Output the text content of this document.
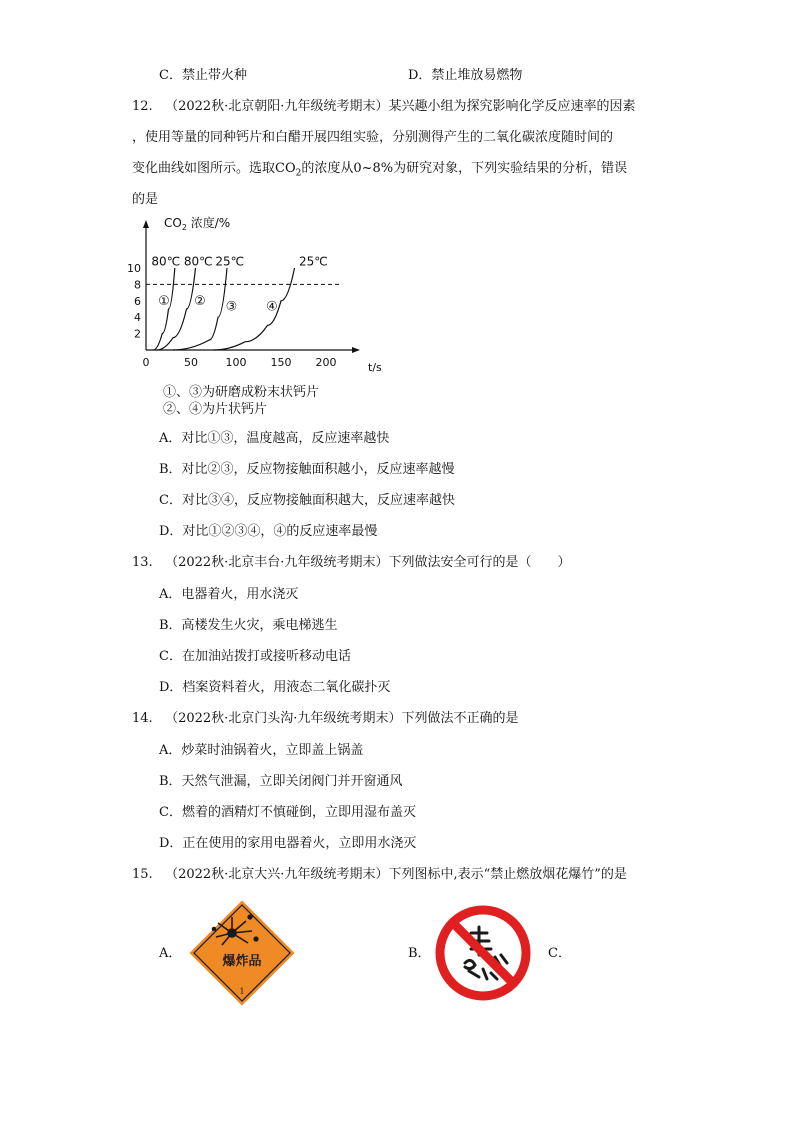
C．禁止带火种	D．禁止堆放易燃物
12. （2022秋·北京朝阳·九年级统考期末）某兴趣小组为探究影响化学反应速率的因素
，使用等量的同种钙片和白醋开展四组实验，分别测得产生的二氧化碳浓度随时间的
变化曲线如图所示。选取$CO_2$的浓度从0~8%为研究对象，下列实验结果的分析，错误
的是
$CO_2$ 浓度/%
t/s
0	50	100 150 200
2
4
6
8
10
①
80℃
②
80℃
③
25℃
④
25℃
①、③为研磨成粉末状钙片
②、④为片状钙片
A．对比①③，温度越高，反应速率越快
B．对比②③，反应物接触面积越小，反应速率越慢
C．对比③④，反应物接触面积越大，反应速率越快
D．对比①②③④，④的反应速率最慢
13. （2022秋·北京丰台·九年级统考期末）下列做法安全可行的是（　　）
A．电器着火，用水浇灭
B．高楼发生火灾，乘电梯逃生
C．在加油站拨打或接听移动电话
D．档案资料着火，用液态二氧化碳扑灭
14. （2022秋·北京门头沟·九年级统考期末）下列做法不正确的是
A．炒菜时油锅着火，立即盖上锅盖
B．天然气泄漏，立即关闭阀门并开窗通风
C．燃着的酒精灯不慎碰倒，立即用湿布盖灭
D．正在使用的家用电器着火，立即用水浇灭
15. （2022秋·北京大兴·九年级统考期末）下列图标中,表示“禁止燃放烟花爆竹”的是
A．	B．	C．
爆炸品
1
